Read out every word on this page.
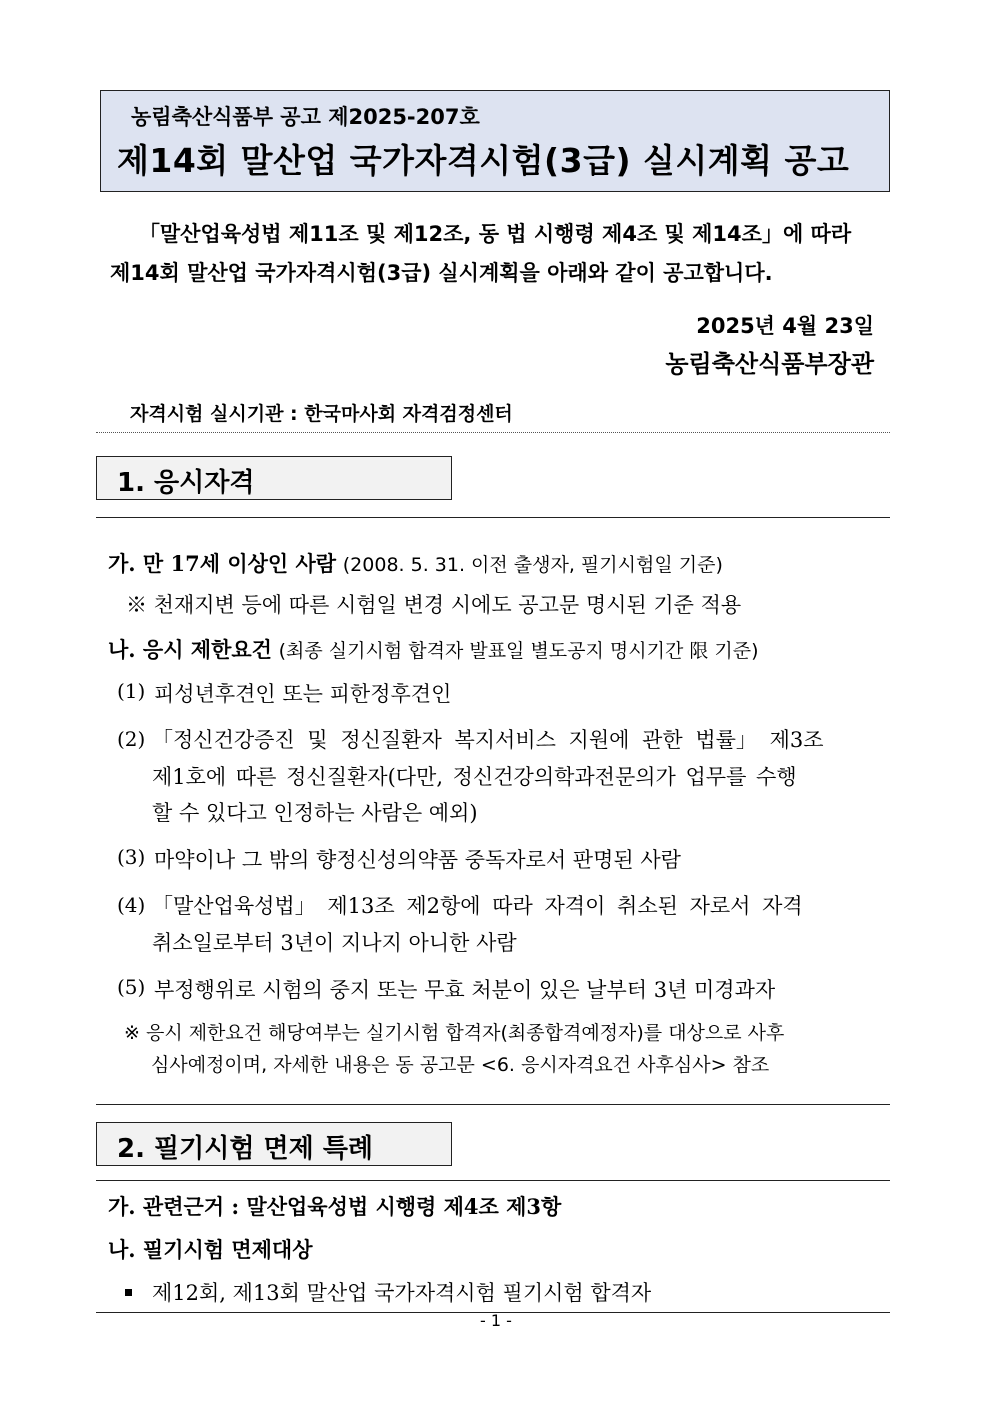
농림축산식품부 공고 제2025-207호
제14회 말산업 국가자격시험(3급) 실시계획 공고
「말산업육성법 제11조 및 제12조, 동 법 시행령 제4조 및 제14조」에 따라
제14회 말산업 국가자격시험(3급) 실시계획을 아래와 같이 공고합니다.
2025년 4월 23일
농림축산식품부장관
자격시험 실시기관 : 한국마사회 자격검정센터
1. 응시자격
가. 만 17세 이상인 사람 (2008. 5. 31. 이전 출생자, 필기시험일 기준)
※ 천재지변 등에 따른 시험일 변경 시에도 공고문 명시된 기준 적용
나. 응시 제한요건 (최종 실기시험 합격자 발표일 별도공지 명시기간 限 기준)
(1) 피성년후견인 또는 피한정후견인
(2) 「정신건강증진 및 정신질환자 복지서비스 지원에 관한 법률」 제3조
제1호에 따른 정신질환자(다만, 정신건강의학과전문의가 업무를 수행
할 수 있다고 인정하는 사람은 예외)
(3) 마약이나 그 밖의 향정신성의약품 중독자로서 판명된 사람
(4) 「말산업육성법」 제13조 제2항에 따라 자격이 취소된 자로서 자격
취소일로부터 3년이 지나지 아니한 사람
(5) 부정행위로 시험의 중지 또는 무효 처분이 있은 날부터 3년 미경과자
※ 응시 제한요건 해당여부는 실기시험 합격자(최종합격예정자)를 대상으로 사후
심사예정이며, 자세한 내용은 동 공고문 <6. 응시자격요건 사후심사> 참조
2. 필기시험 면제 특례
가. 관련근거 : 말산업육성법 시행령 제4조 제3항
나. 필기시험 면제대상
제12회, 제13회 말산업 국가자격시험 필기시험 합격자
- 1 -
